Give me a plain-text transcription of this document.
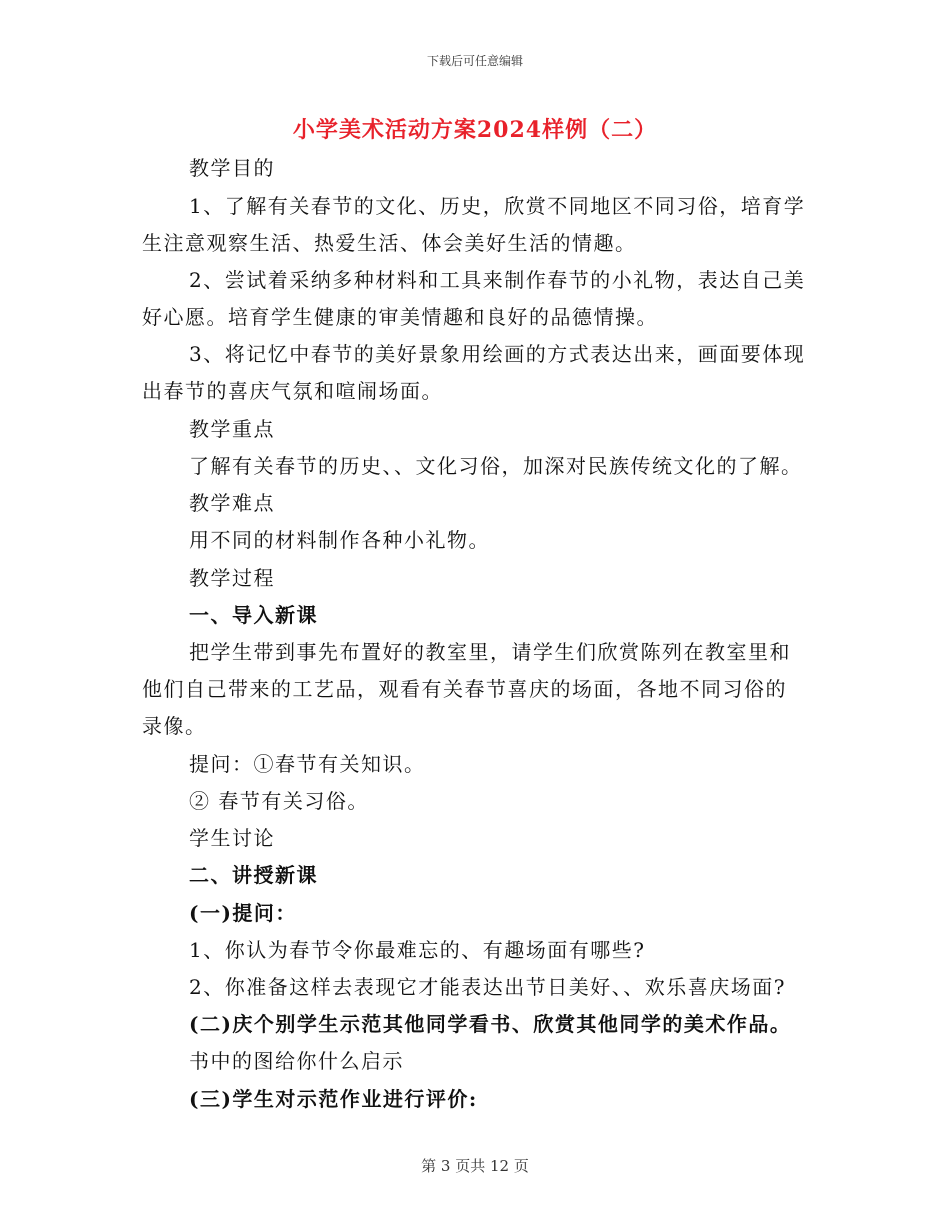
下载后可任意编辑
小学美术活动方案2024样例（二）
教学目的
1、了解有关春节的文化、历史，欣赏不同地区不同习俗，培育学
生注意观察生活、热爱生活、体会美好生活的情趣。
2、尝试着采纳多种材料和工具来制作春节的小礼物，表达自己美
好心愿。培育学生健康的审美情趣和良好的品德情操。
3、将记忆中春节的美好景象用绘画的方式表达出来，画面要体现
出春节的喜庆气氛和喧闹场面。
教学重点
了解有关春节的历史、、文化习俗，加深对民族传统文化的了解。
教学难点
用不同的材料制作各种小礼物。
教学过程
一、导入新课
把学生带到事先布置好的教室里，请学生们欣赏陈列在教室里和
他们自己带来的工艺品，观看有关春节喜庆的场面，各地不同习俗的
录像。
提问：①春节有关知识。
② 春节有关习俗。
学生讨论
二、讲授新课
(一)提问：
1、你认为春节令你最难忘的、有趣场面有哪些?
2、你准备这样去表现它才能表达出节日美好、、欢乐喜庆场面?
(二)庆个别学生示范其他同学看书、欣赏其他同学的美术作品。
书中的图给你什么启示
(三)学生对示范作业进行评价:
第 3 页共 12 页
